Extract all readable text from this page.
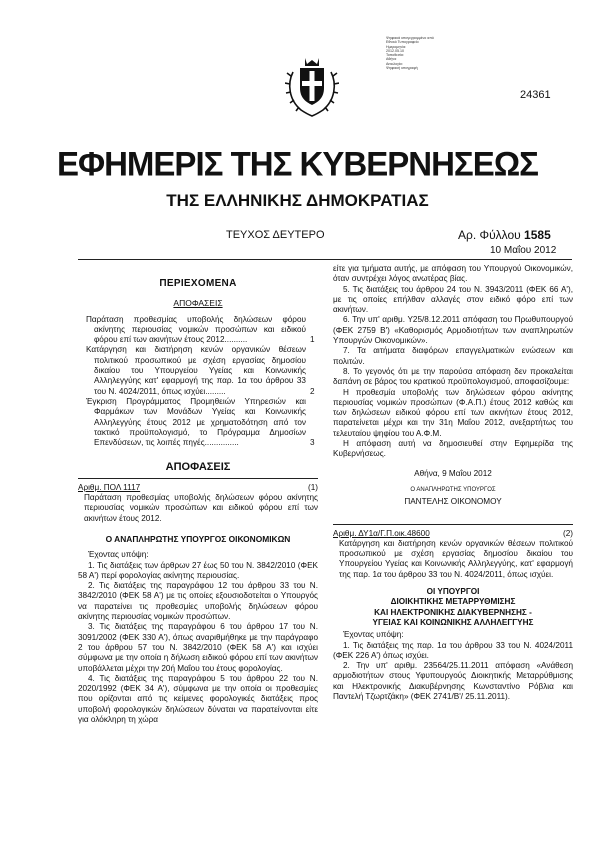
Ψηφιακά υπογεγραμμένο από
Εθνικό Τυπογραφείο
Ημερομηνία:
2012.05.10
Τοποθεσία:
Αθήνα
Αιτιολογία:
Ψηφιακή υπογραφή
24361
ΕΦΗΜΕΡΙΣ ΤΗΣ ΚΥΒΕΡΝΗΣΕΩΣ
ΤΗΣ ΕΛΛΗΝΙΚΗΣ ΔΗΜΟΚΡΑΤΙΑΣ
ΤΕΥΧΟΣ ΔΕΥΤΕΡΟ	Αρ. Φύλλου 1585
10 Μαΐου 2012
ΠΕΡΙΕΧΟΜΕΝΑ
ΑΠΟΦΑΣΕΙΣ
Παράταση προθεσμίας υποβολής δηλώσεων φόρου ακίνητης περιουσίας νομικών προσώπων και ειδικού φόρου επί των ακινήτων έτους 2012..........	1
Κατάργηση και διατήρηση κενών οργανικών θέσεων πολιτικού προσωπικού με σχέση εργασίας δημοσίου δικαίου του Υπουργείου Υγείας και Κοινωνικής Αλληλεγγύης κατ' εφαρμογή της παρ. 1α του άρθρου 33 του Ν. 4024/2011, όπως ισχύει.........	2
Έγκριση Προγράμματος Προμηθειών Υπηρεσιών και Φαρμάκων των Μονάδων Υγείας και Κοινωνικής Αλληλεγγύης έτους 2012 με χρηματοδότηση από τον τακτικό προϋπολογισμό, το Πρόγραμμα Δημοσίων Επενδύσεων, τις λοιπές πηγές...............	3
ΑΠΟΦΑΣΕΙΣ
Αριθμ. ΠΟΛ 1117	(1)

Παράταση προθεσμίας υποβολής δηλώσεων φόρου ακίνητης περιουσίας νομικών προσώπων και ειδικού φόρου επί των ακινήτων έτους 2012.

Ο ΑΝΑΠΛΗΡΩΤΗΣ ΥΠΟΥΡΓΟΣ ΟΙΚΟΝΟΜΙΚΩΝ

Έχοντας υπόψη:

1. Τις διατάξεις των άρθρων 27 έως 50 του Ν. 3842/2010 (ΦΕΚ 58 Α') περί φορολογίας ακίνητης περιουσίας.

2. Τις διατάξεις της παραγράφου 12 του άρθρου 33 του Ν. 3842/2010 (ΦΕΚ 58 Α') με τις οποίες εξουσιοδοτείται ο Υπουργός να παρατείνει τις προθεσμίες υποβολής δηλώσεων φόρου ακίνητης περιουσίας νομικών προσώπων.

3. Τις διατάξεις της παραγράφου 6 του άρθρου 17 του Ν. 3091/2002 (ΦΕΚ 330 Α'), όπως αναριθμήθηκε με την παράγραφο 2 του άρθρου 57 του Ν. 3842/2010 (ΦΕΚ 58 Α') και ισχύει σύμφωνα με την οποία η δήλωση ειδικού φόρου επί των ακινήτων υποβάλλεται μέχρι την 20ή Μαΐου του έτους φορολογίας.

4. Τις διατάξεις της παραγράφου 5 του άρθρου 22 του Ν. 2020/1992 (ΦΕΚ 34 Α'), σύμφωνα με την οποία οι προθεσμίες που ορίζονται από τις κείμενες φορολογικές διατάξεις προς υποβολή φορολογικών δηλώσεων δύναται να παρατείνονται είτε για ολόκληρη τη χώρα

είτε για τμήματα αυτής, με απόφαση του Υπουργού Οικονομικών, όταν συντρέχει λόγος ανωτέρας βίας.

5. Τις διατάξεις του άρθρου 24 του Ν. 3943/2011 (ΦΕΚ 66 Α'), με τις οποίες επήλθαν αλλαγές στον ειδικό φόρο επί των ακινήτων.

6. Την υπ' αριθμ. Υ25/8.12.2011 απόφαση του Πρωθυπουργού (ΦΕΚ 2759 Β') «Καθορισμός Αρμοδιοτήτων των αναπληρωτών Υπουργών Οικονομικών».

7. Τα αιτήματα διαφόρων επαγγελματικών ενώσεων και πολιτών.

8. Το γεγονός ότι με την παρούσα απόφαση δεν προκαλείται δαπάνη σε βάρος του κρατικού προϋπολογισμού, αποφασίζουμε:

Η προθεσμία υποβολής των δηλώσεων φόρου ακίνητης περιουσίας νομικών προσώπων (Φ.Α.Π.) έτους 2012 καθώς και των δηλώσεων ειδικού φόρου επί των ακινήτων έτους 2012, παρατείνεται μέχρι και την 31η Μαΐου 2012, ανεξαρτήτως του τελευταίου ψηφίου του Α.Φ.Μ.

Η απόφαση αυτή να δημοσιευθεί στην Εφημερίδα της Κυβερνήσεως.

Αθήνα, 9 Μαΐου 2012
Ο ΑΝΑΠΛΗΡΩΤΗΣ ΥΠΟΥΡΓΟΣ
ΠΑΝΤΕΛΗΣ ΟΙΚΟΝΟΜΟΥ
Αριθμ. ΔΥ1α/Γ.Π.οικ.48600	(2)

Κατάργηση και διατήρηση κενών οργανικών θέσεων πολιτικού προσωπικού με σχέση εργασίας δημοσίου δικαίου του Υπουργείου Υγείας και Κοινωνικής Αλληλεγγύης, κατ' εφαρμογή της παρ. 1α του άρθρου 33 του Ν. 4024/2011, όπως ισχύει.

ΟΙ ΥΠΟΥΡΓΟΙ
ΔΙΟΙΚΗΤΙΚΗΣ ΜΕΤΑΡΡΥΘΜΙΣΗΣ
ΚΑΙ ΗΛΕΚΤΡΟΝΙΚΗΣ ΔΙΑΚΥΒΕΡΝΗΣΗΣ -
ΥΓΕΙΑΣ ΚΑΙ ΚΟΙΝΩΝΙΚΗΣ ΑΛΛΗΛΕΓΓΥΗΣ

Έχοντας υπόψη:

1. Τις διατάξεις της παρ. 1α του άρθρου 33 του Ν. 4024/2011 (ΦΕΚ 226 Α') όπως ισχύει.

2. Την υπ' αριθμ. 23564/25.11.2011 απόφαση «Ανάθεση αρμοδιοτήτων στους Υφυπουργούς Διοικητικής Μεταρρύθμισης και Ηλεκτρονικής Διακυβέρνησης Κωνσταντίνο Ρόβλια και Παντελή Τζωρτζάκη» (ΦΕΚ 2741/Β'/ 25.11.2011).
